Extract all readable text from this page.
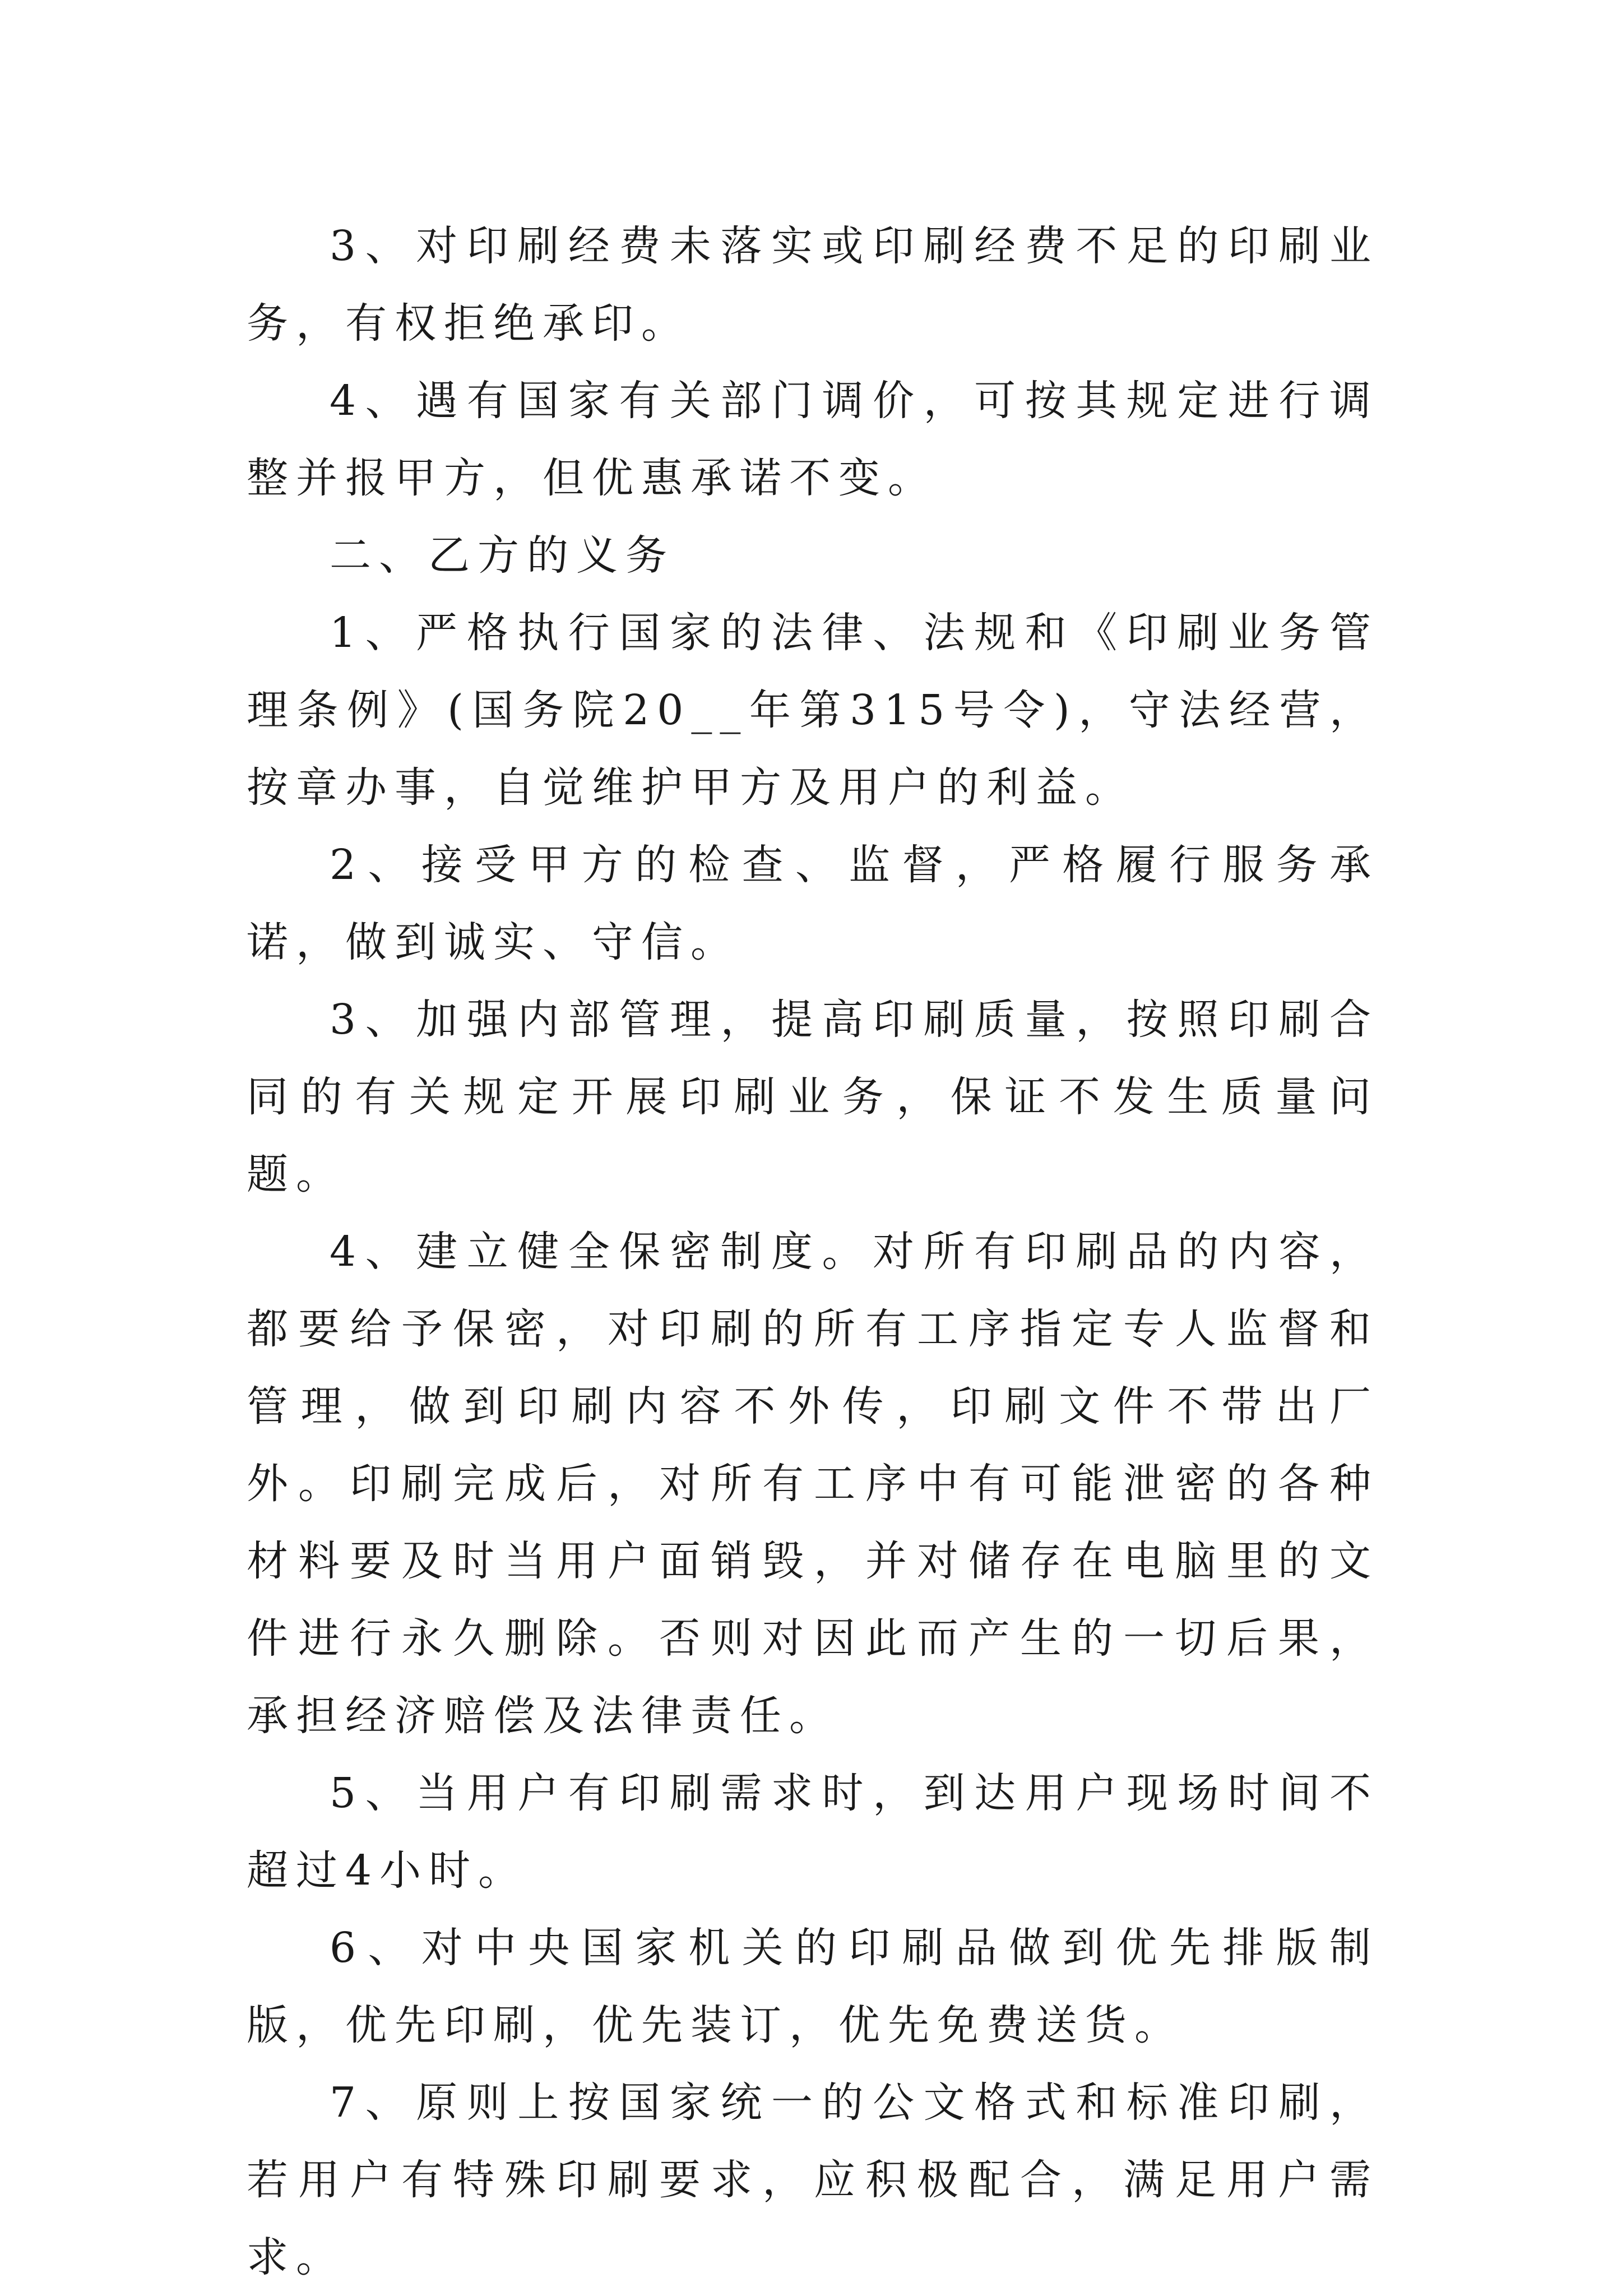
3、对印刷经费未落实或印刷经费不足的印刷业务，有权拒绝承印。

4、遇有国家有关部门调价，可按其规定进行调整并报甲方，但优惠承诺不变。

二、乙方的义务

1、严格执行国家的法律、法规和《印刷业务管理条例》(国务院20__年第315号令)，守法经营，按章办事，自觉维护甲方及用户的利益。

2、接受甲方的检查、监督，严格履行服务承诺，做到诚实、守信。

3、加强内部管理，提高印刷质量，按照印刷合同的有关规定开展印刷业务，保证不发生质量问题。

4、建立健全保密制度。对所有印刷品的内容，都要给予保密，对印刷的所有工序指定专人监督和管理，做到印刷内容不外传，印刷文件不带出厂外。印刷完成后，对所有工序中有可能泄密的各种材料要及时当用户面销毁，并对储存在电脑里的文件进行永久删除。否则对因此而产生的一切后果，承担经济赔偿及法律责任。

5、当用户有印刷需求时，到达用户现场时间不超过4小时。

6、对中央国家机关的印刷品做到优先排版制版，优先印刷，优先装订，优先免费送货。

7、原则上按国家统一的公文格式和标准印刷，若用户有特殊印刷要求，应积极配合，满足用户需求。
